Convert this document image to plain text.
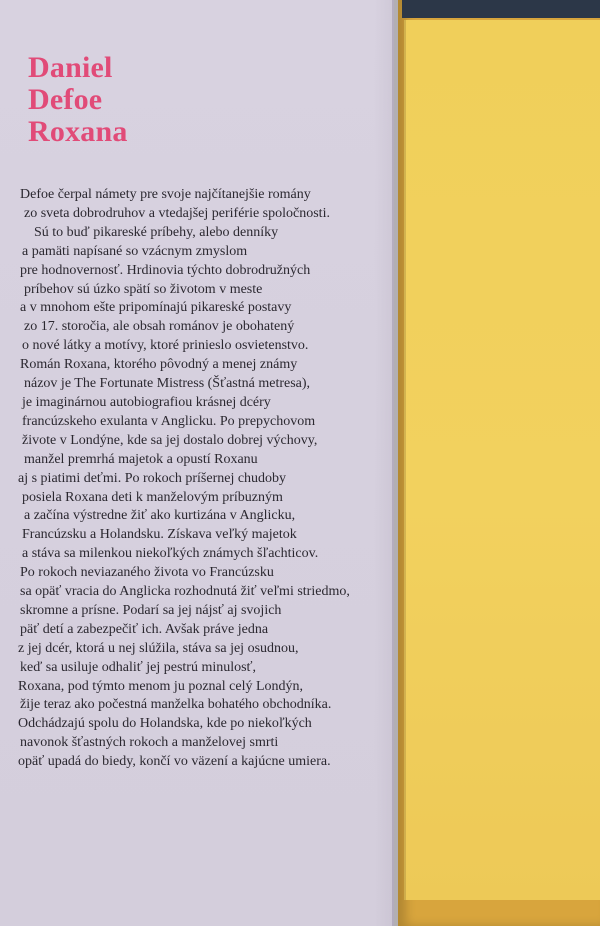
Daniel
Defoe
Roxana
Defoe čerpal námety pre svoje najčítanejšie romány
zo sveta dobrodruhov a vtedajšej periférie spoločnosti.
Sú to buď pikareské príbehy, alebo denníky
a pamäti napísané so vzácnym zmyslom
pre hodnovernosť. Hrdinovia týchto dobrodružných
príbehov sú úzko spätí so životom v meste
a v mnohom ešte pripomínajú pikareské postavy
zo 17. storočia, ale obsah románov je obohatený
o nové látky a motívy, ktoré prinieslo osvietenstvo.
Román Roxana, ktorého pôvodný a menej známy
názov je The Fortunate Mistress (Šťastná metresa),
je imaginárnou autobiografiou krásnej dcéry
francúzskeho exulanta v Anglicku. Po prepychovom
živote v Londýne, kde sa jej dostalo dobrej výchovy,
manžel premrhá majetok a opustí Roxanu
aj s piatimi deťmi. Po rokoch príšernej chudoby
posiela Roxana deti k manželovým príbuzným
a začína výstredne žiť ako kurtizána v Anglicku,
Francúzsku a Holandsku. Získava veľký majetok
a stáva sa milenkou niekoľkých známych šľachticov.
Po rokoch neviazaného života vo Francúzsku
sa opäť vracia do Anglicka rozhodnutá žiť veľmi striedmo,
skromne a prísne. Podarí sa jej nájsť aj svojich
päť detí a zabezpečiť ich. Avšak práve jedna
z jej dcér, ktorá u nej slúžila, stáva sa jej osudnou,
keď sa usiluje odhaliť jej pestrú minulosť,
Roxana, pod týmto menom ju poznal celý Londýn,
žije teraz ako počestná manželka bohatého obchodníka.
Odchádzajú spolu do Holandska, kde po niekoľkých
navonok šťastných rokoch a manželovej smrti
opäť upadá do biedy, končí vo väzení a kajúcne umiera.
